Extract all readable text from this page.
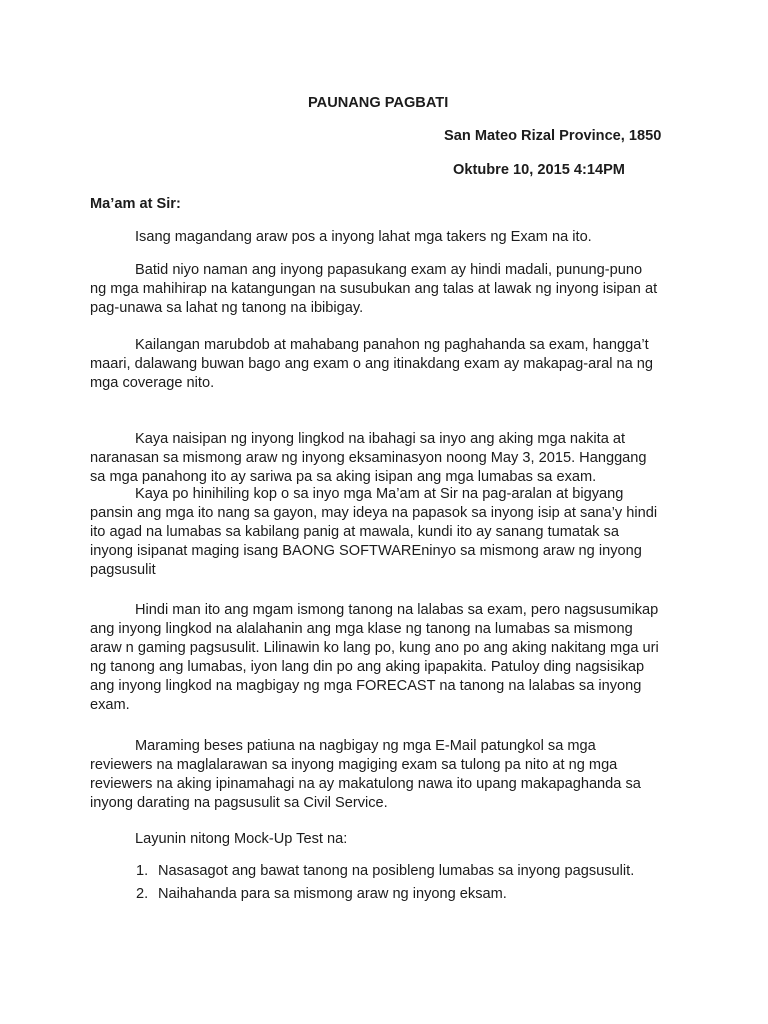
PAUNANG PAGBATI

San Mateo Rizal Province, 1850

Oktubre 10, 2015 4:14PM

Ma’am at Sir:

Isang magandang araw pos a inyong lahat mga takers ng Exam na ito.

Batid niyo naman ang inyong papasukang exam ay hindi madali, punung-puno

ng mga mahihirap na katangungan na susubukan ang talas at lawak ng inyong isipan at

pag-unawa sa lahat ng tanong na ibibigay.

Kailangan marubdob at mahabang panahon ng paghahanda sa exam, hangga’t

maari, dalawang buwan bago ang exam o ang itinakdang exam ay makapag-aral na ng

mga coverage nito.

Kaya naisipan ng inyong lingkod na ibahagi sa inyo ang aking mga nakita at

naranasan sa mismong araw ng inyong eksaminasyon noong May 3, 2015. Hanggang

sa mga panahong ito ay sariwa pa sa aking isipan ang mga lumabas sa exam.

Kaya po hinihiling kop o sa inyo mga Ma’am at Sir na pag-aralan at bigyang

pansin ang mga ito nang sa gayon, may ideya na papasok sa inyong isip at sana’y hindi

ito agad na lumabas sa kabilang panig at mawala, kundi ito ay sanang tumatak sa

inyong isipanat maging isang BAONG SOFTWAREninyo sa mismong araw ng inyong

pagsusulit

Hindi man ito ang mgam ismong tanong na lalabas sa exam, pero nagsusumikap

ang inyong lingkod na alalahanin ang mga klase ng tanong na lumabas sa mismong

araw n gaming pagsusulit. Lilinawin ko lang po, kung ano po ang aking nakitang mga uri

ng tanong ang lumabas, iyon lang din po ang aking ipapakita. Patuloy ding nagsisikap

ang inyong lingkod na magbigay ng mga FORECAST na tanong na lalabas sa inyong

exam.

Maraming beses patiuna na nagbigay ng mga E-Mail patungkol sa mga

reviewers na maglalarawan sa inyong magiging exam sa tulong pa nito at ng mga

reviewers na aking ipinamahagi na ay makatulong nawa ito upang makapaghanda sa

inyong darating na pagsusulit sa Civil Service.

Layunin nitong Mock-Up Test na:

1. Nasasagot ang bawat tanong na posibleng lumabas sa inyong pagsusulit.

2. Naihahanda para sa mismong araw ng inyong eksam.
